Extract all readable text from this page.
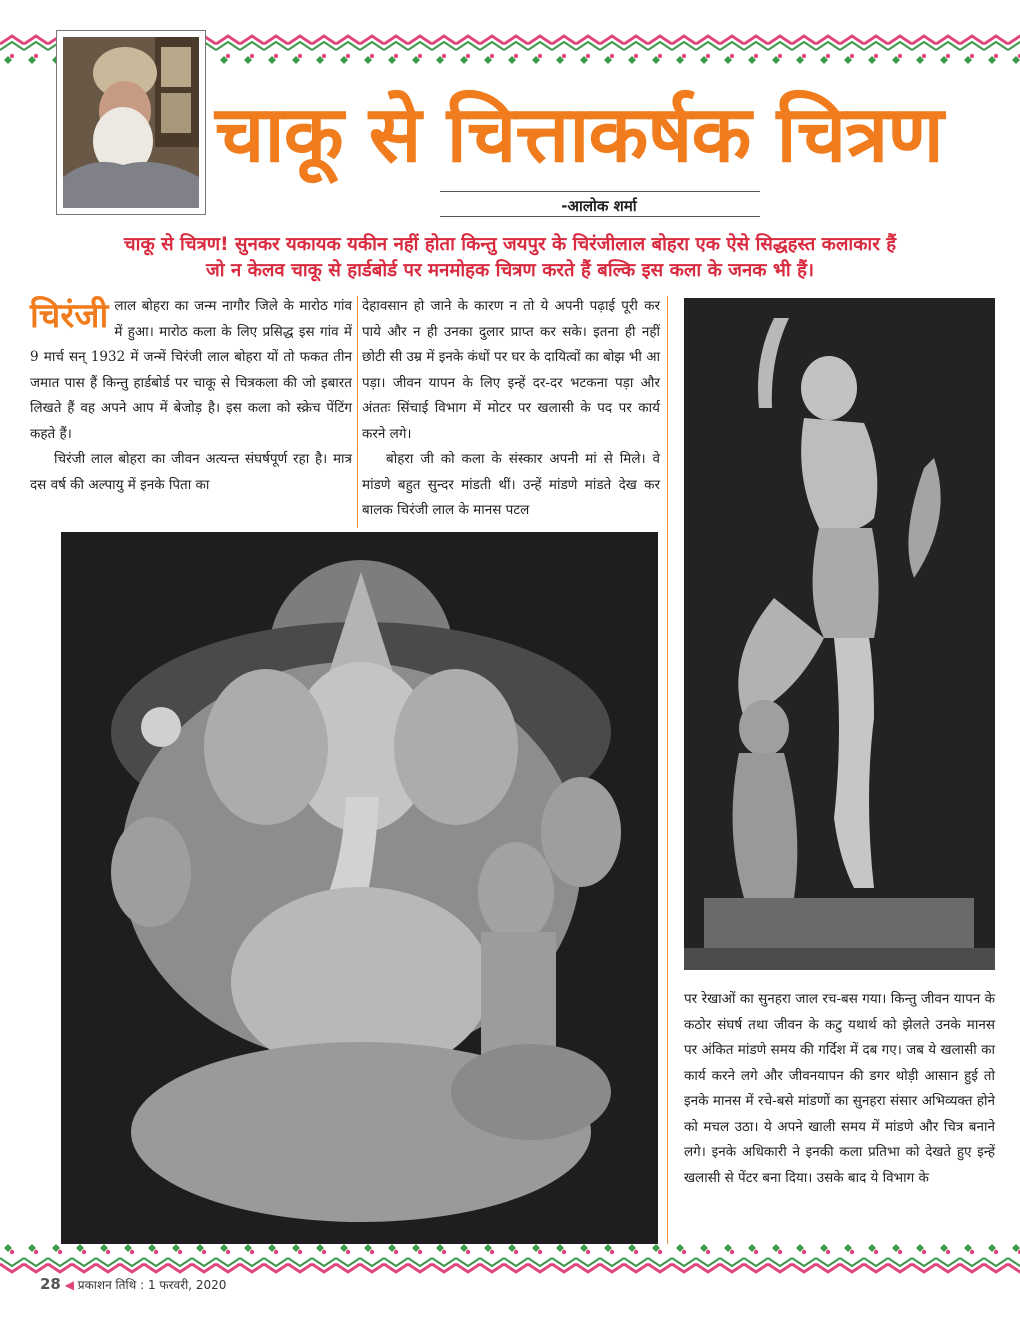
चाकू से चित्ताकर्षक चित्रण
-आलोक शर्मा
चाकू से चित्रण! सुनकर यकायक यकीन नहीं होता किन्तु जयपुर के चिरंजीलाल बोहरा एक ऐसे सिद्धहस्त कलाकार हैं
जो न केलव चाकू से हार्डबोर्ड पर मनमोहक चित्रण करते हैं बल्कि इस कला के जनक भी हैं।

चिरंजी लाल बोहरा का जन्म नागौर जिले के मारोठ गांव में हुआ। मारोठ कला के लिए प्रसिद्ध इस गांव में 9 मार्च सन् 1932 में जन्में चिरंजी लाल बोहरा यों तो फकत तीन जमात पास हैं किन्तु हार्डबोर्ड पर चाकू से चित्रकला की जो इबारत लिखते हैं वह अपने आप में बेजोड़ है। इस कला को स्क्रेच पेंटिंग कहते हैं।

चिरंजी लाल बोहरा का जीवन अत्यन्त संघर्षपूर्ण रहा है। मात्र दस वर्ष की अल्पायु में इनके पिता का

देहावसान हो जाने के कारण न तो ये अपनी पढ़ाई पूरी कर पाये और न ही उनका दुलार प्राप्त कर सके। इतना ही नहीं छोटी सी उम्र में इनके कंधों पर घर के दायित्वों का बोझ भी आ पड़ा। जीवन यापन के लिए इन्हें दर-दर भटकना पड़ा और अंततः सिंचाई विभाग में मोटर पर खलासी के पद पर कार्य करने लगे।

बोहरा जी को कला के संस्कार अपनी मां से मिले। वे मांडणे बहुत सुन्दर मांडती थीं। उन्हें मांडणे मांडते देख कर बालक चिरंजी लाल के मानस पटल

पर रेखाओं का सुनहरा जाल रच-बस गया। किन्तु जीवन यापन के कठोर संघर्ष तथा जीवन के कटु यथार्थ को झेलते उनके मानस पर अंकित मांडणे समय की गर्दिश में दब गए। जब ये खलासी का कार्य करने लगे और जीवनयापन की डगर थोड़ी आसान हुई तो इनके मानस में रचे-बसे मांडणों का सुनहरा संसार अभिव्यक्त होने को मचल उठा। ये अपने खाली समय में मांडणे और चित्र बनाने लगे। इनके अधिकारी ने इनकी कला प्रतिभा को देखते हुए इन्हें खलासी से पेंटर बना दिया। उसके बाद ये विभाग के

28 ◀ प्रकाशन तिथि : 1 फरवरी, 2020
